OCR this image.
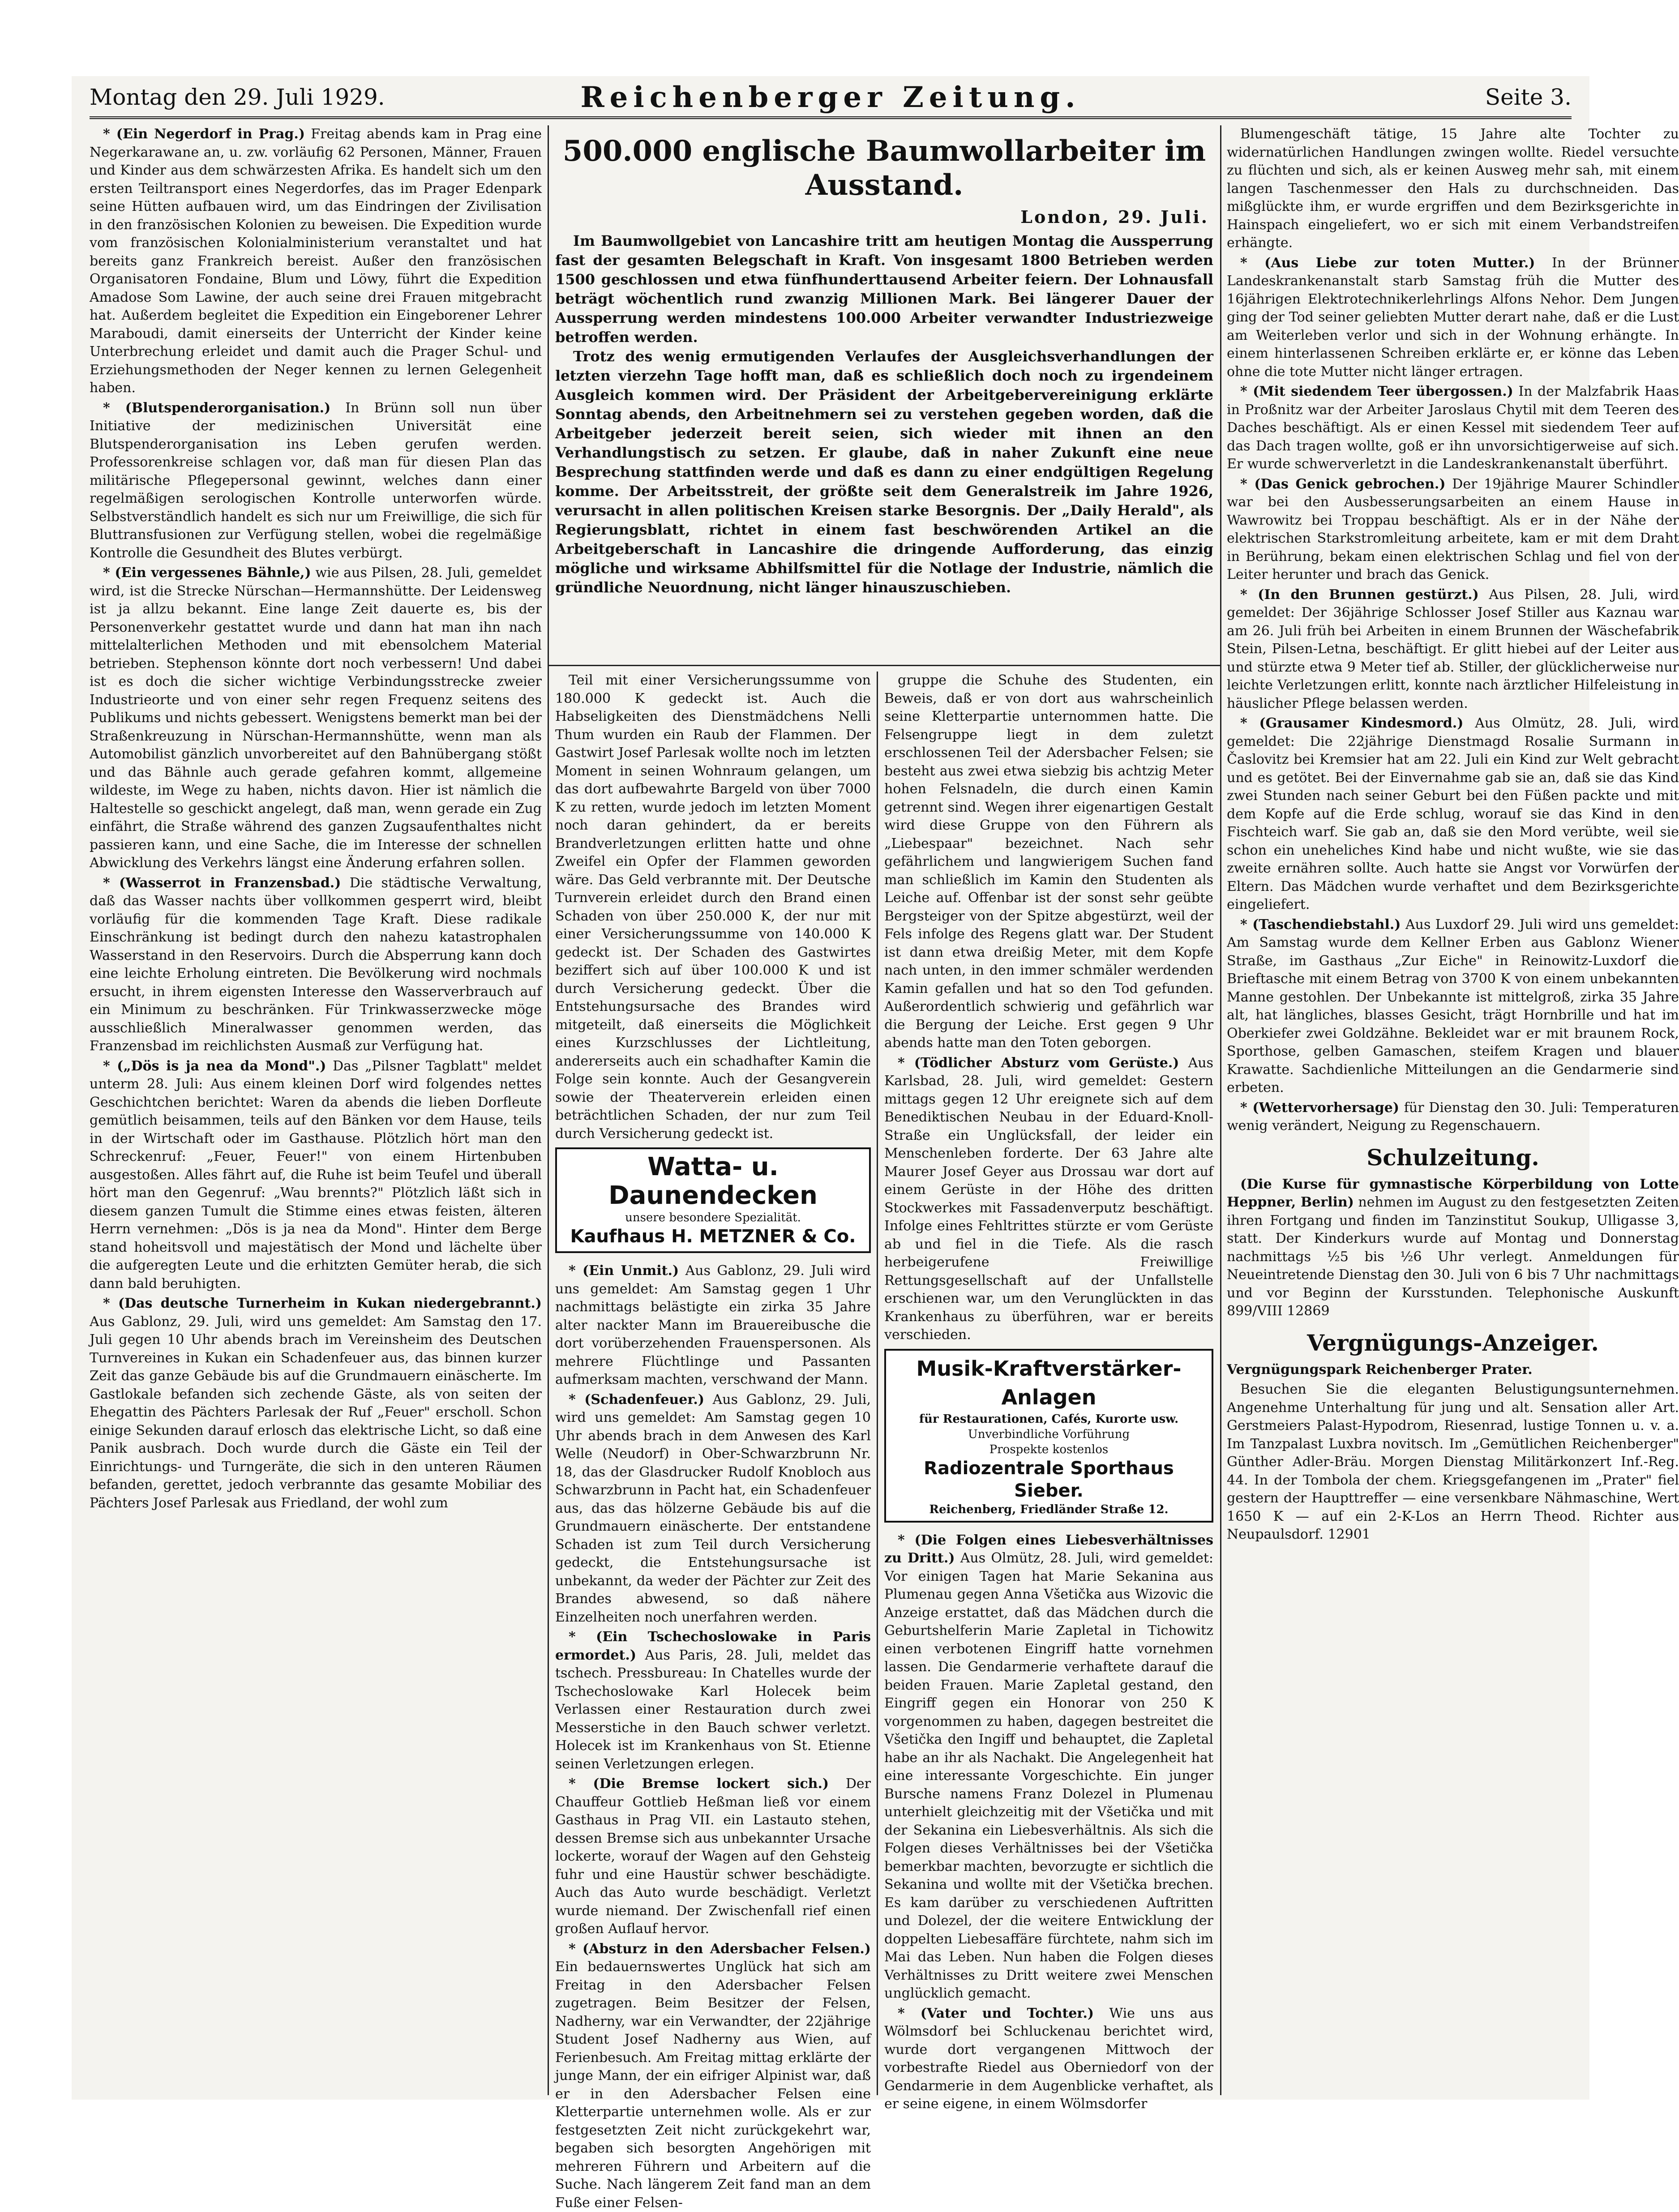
Montag den 29. Juli 1929.	Reichenberger Zeitung.	Seite 3.

* (Ein Negerdorf in Prag.) Freitag abends kam in Prag eine Negerkarawane an, u. zw. vorläufig 62 Personen, Männer, Frauen und Kinder aus dem schwärzesten Afrika. Es handelt sich um den ersten Teiltransport eines Negerdorfes, das im Prager Edenpark seine Hütten aufbauen wird, um das Eindringen der Zivilisation in den französischen Kolonien zu beweisen. Die Expedition wurde vom französischen Kolonialministerium veranstaltet und hat bereits ganz Frankreich bereist. Außer den französischen Organisatoren Fondaine, Blum und Löwy, führt die Expedition Amadose Som Lawine, der auch seine drei Frauen mitgebracht hat. Außerdem begleitet die Expedition ein Eingeborener Lehrer Maraboudi, damit einerseits der Unterricht der Kinder keine Unterbrechung erleidet und damit auch die Prager Schul- und Erziehungsmethoden der Neger kennen zu lernen Gelegenheit haben.

* (Blutspenderorganisation.) In Brünn soll nun über Initiative der medizinischen Universität eine Blutspenderorganisation ins Leben gerufen werden. Professorenkreise schlagen vor, daß man für diesen Plan das militärische Pflegepersonal gewinnt, welches dann einer regelmäßigen serologischen Kontrolle unterworfen würde. Selbstverständlich handelt es sich nur um Freiwillige, die sich für Bluttransfusionen zur Verfügung stellen, wobei die regelmäßige Kontrolle die Gesundheit des Blutes verbürgt.

* (Ein vergessenes Bähnle,) wie aus Pilsen, 28. Juli, gemeldet wird, ist die Strecke Nürschan—Hermannshütte. Der Leidensweg ist ja allzu bekannt. Eine lange Zeit dauerte es, bis der Personenverkehr gestattet wurde und dann hat man ihn nach mittelalterlichen Methoden und mit ebensolchem Material betrieben. Stephenson könnte dort noch verbessern! Und dabei ist es doch die sicher wichtige Verbindungsstrecke zweier Industrieorte und von einer sehr regen Frequenz seitens des Publikums und nichts gebessert. Wenigstens bemerkt man bei der Straßenkreuzung in Nürschan-Hermannshütte, wenn man als Automobilist gänzlich unvorbereitet auf den Bahnübergang stößt und das Bähnle auch gerade gefahren kommt, allgemeine wildeste, im Wege zu haben, nichts davon. Hier ist nämlich die Haltestelle so geschickt angelegt, daß man, wenn gerade ein Zug einfährt, die Straße während des ganzen Zugsaufenthaltes nicht passieren kann, und eine Sache, die im Interesse der schnellen Abwicklung des Verkehrs längst eine Änderung erfahren sollen.

* (Wasserrot in Franzensbad.) Die städtische Verwaltung, daß das Wasser nachts über vollkommen gesperrt wird, bleibt vorläufig für die kommenden Tage Kraft. Diese radikale Einschränkung ist bedingt durch den nahezu katastrophalen Wasserstand in den Reservoirs. Durch die Absperrung kann doch eine leichte Erholung eintreten. Die Bevölkerung wird nochmals ersucht, in ihrem eigensten Interesse den Wasserverbrauch auf ein Minimum zu beschränken. Für Trinkwasserzwecke möge ausschließlich Mineralwasser genommen werden, das Franzensbad im reichlichsten Ausmaß zur Verfügung hat.

* („Dös is ja nea da Mond".) Das „Pilsner Tagblatt" meldet unterm 28. Juli: Aus einem kleinen Dorf wird folgendes nettes Geschichtchen berichtet: Waren da abends die lieben Dorfleute gemütlich beisammen, teils auf den Bänken vor dem Hause, teils in der Wirtschaft oder im Gasthause. Plötzlich hört man den Schreckenruf: „Feuer, Feuer!" von einem Hirtenbuben ausgestoßen. Alles fährt auf, die Ruhe ist beim Teufel und überall hört man den Gegenruf: „Wau brennts?" Plötzlich läßt sich in diesem ganzen Tumult die Stimme eines etwas feisten, älteren Herrn vernehmen: „Dös is ja nea da Mond". Hinter dem Berge stand hoheitsvoll und majestätisch der Mond und lächelte über die aufgeregten Leute und die erhitzten Gemüter herab, die sich dann bald beruhigten.

* (Das deutsche Turnerheim in Kukan niedergebrannt.) Aus Gablonz, 29. Juli, wird uns gemeldet: Am Samstag den 17. Juli gegen 10 Uhr abends brach im Vereinsheim des Deutschen Turnvereines in Kukan ein Schadenfeuer aus, das binnen kurzer Zeit das ganze Gebäude bis auf die Grundmauern einäscherte. Im Gastlokale befanden sich zechende Gäste, als von seiten der Ehegattin des Pächters Parlesak der Ruf „Feuer" erscholl. Schon einige Sekunden darauf erlosch das elektrische Licht, so daß eine Panik ausbrach. Doch wurde durch die Gäste ein Teil der Einrichtungs- und Turngeräte, die sich in den unteren Räumen befanden, gerettet, jedoch verbrannte das gesamte Mobiliar des Pächters Josef Parlesak aus Friedland, der wohl zum

500.000 englische Baumwollarbeiter im Ausstand.
London, 29. Juli.

Im Baumwollgebiet von Lancashire tritt am heutigen Montag die Aussperrung fast der gesamten Belegschaft in Kraft. Von insgesamt 1800 Betrieben werden 1500 geschlossen und etwa fünfhunderttausend Arbeiter feiern. Der Lohnausfall beträgt wöchentlich rund zwanzig Millionen Mark. Bei längerer Dauer der Aussperrung werden mindestens 100.000 Arbeiter verwandter Industriezweige betroffen werden.

Trotz des wenig ermutigenden Verlaufes der Ausgleichsverhandlungen der letzten vierzehn Tage hofft man, daß es schließlich doch noch zu irgendeinem Ausgleich kommen wird. Der Präsident der Arbeitgebervereinigung erklärte Sonntag abends, den Arbeitnehmern sei zu verstehen gegeben worden, daß die Arbeitgeber jederzeit bereit seien, sich wieder mit ihnen an den Verhandlungstisch zu setzen. Er glaube, daß in naher Zukunft eine neue Besprechung stattfinden werde und daß es dann zu einer endgültigen Regelung komme. Der Arbeitsstreit, der größte seit dem Generalstreik im Jahre 1926, verursacht in allen politischen Kreisen starke Besorgnis. Der „Daily Herald", als Regierungsblatt, richtet in einem fast beschwörenden Artikel an die Arbeitgeberschaft in Lancashire die dringende Aufforderung, das einzig mögliche und wirksame Abhilfsmittel für die Notlage der Industrie, nämlich die gründliche Neuordnung, nicht länger hinauszuschieben.

Teil mit einer Versicherungssumme von 180.000 K gedeckt ist. Auch die Habseligkeiten des Dienstmädchens Nelli Thum wurden ein Raub der Flammen. Der Gastwirt Josef Parlesak wollte noch im letzten Moment in seinen Wohnraum gelangen, um das dort aufbewahrte Bargeld von über 7000 K zu retten, wurde jedoch im letzten Moment noch daran gehindert, da er bereits Brandverletzungen erlitten hatte und ohne Zweifel ein Opfer der Flammen geworden wäre. Das Geld verbrannte mit. Der Deutsche Turnverein erleidet durch den Brand einen Schaden von über 250.000 K, der nur mit einer Versicherungssumme von 140.000 K gedeckt ist. Der Schaden des Gastwirtes beziffert sich auf über 100.000 K und ist durch Versicherung gedeckt. Über die Entstehungsursache des Brandes wird mitgeteilt, daß einerseits die Möglichkeit eines Kurzschlusses der Lichtleitung, andererseits auch ein schadhafter Kamin die Folge sein konnte. Auch der Gesangverein sowie der Theaterverein erleiden einen beträchtlichen Schaden, der nur zum Teil durch Versicherung gedeckt ist.

Watta- u. Daunendecken
unsere besondere Spezialität.
Kaufhaus H. METZNER & Co.

* (Ein Unmit.) Aus Gablonz, 29. Juli wird uns gemeldet: Am Samstag gegen 1 Uhr nachmittags belästigte ein zirka 35 Jahre alter nackter Mann im Brauereibusche die dort vorüberzehenden Frauenspersonen. Als mehrere Flüchtlinge und Passanten aufmerksam machten, verschwand der Mann.

* (Schadenfeuer.) Aus Gablonz, 29. Juli, wird uns gemeldet: Am Samstag gegen 10 Uhr abends brach in dem Anwesen des Karl Welle (Neudorf) in Ober-Schwarzbrunn Nr. 18, das der Glasdrucker Rudolf Knobloch aus Schwarzbrunn in Pacht hat, ein Schadenfeuer aus, das das hölzerne Gebäude bis auf die Grundmauern einäscherte. Der entstandene Schaden ist zum Teil durch Versicherung gedeckt, die Entstehungsursache ist unbekannt, da weder der Pächter zur Zeit des Brandes abwesend, so daß nähere Einzelheiten noch unerfahren werden.

* (Ein Tschechoslowake in Paris ermordet.) Aus Paris, 28. Juli, meldet das tschech. Pressbureau: In Chatelles wurde der Tschechoslowake Karl Holecek beim Verlassen einer Restauration durch zwei Messerstiche in den Bauch schwer verletzt. Holecek ist im Krankenhaus von St. Etienne seinen Verletzungen erlegen.

* (Die Bremse lockert sich.) Der Chauffeur Gottlieb Heßman ließ vor einem Gasthaus in Prag VII. ein Lastauto stehen, dessen Bremse sich aus unbekannter Ursache lockerte, worauf der Wagen auf den Gehsteig fuhr und eine Haustür schwer beschädigte. Auch das Auto wurde beschädigt. Verletzt wurde niemand. Der Zwischenfall rief einen großen Auflauf hervor.

* (Absturz in den Adersbacher Felsen.) Ein bedauernswertes Unglück hat sich am Freitag in den Adersbacher Felsen zugetragen. Beim Besitzer der Felsen, Nadherny, war ein Verwandter, der 22jährige Student Josef Nadherny aus Wien, auf Ferienbesuch. Am Freitag mittag erklärte der junge Mann, der ein eifriger Alpinist war, daß er in den Adersbacher Felsen eine Kletterpartie unternehmen wolle. Als er zur festgesetzten Zeit nicht zurückgekehrt war, begaben sich besorgten Angehörigen mit mehreren Führern und Arbeitern auf die Suche. Nach längerem Zeit fand man an dem Fuße einer Felsen-

gruppe die Schuhe des Studenten, ein Beweis, daß er von dort aus wahrscheinlich seine Kletterpartie unternommen hatte. Die Felsengruppe liegt in dem zuletzt erschlossenen Teil der Adersbacher Felsen; sie besteht aus zwei etwa siebzig bis achtzig Meter hohen Felsnadeln, die durch einen Kamin getrennt sind. Wegen ihrer eigenartigen Gestalt wird diese Gruppe von den Führern als „Liebespaar" bezeichnet. Nach sehr gefährlichem und langwierigem Suchen fand man schließlich im Kamin den Studenten als Leiche auf. Offenbar ist der sonst sehr geübte Bergsteiger von der Spitze abgestürzt, weil der Fels infolge des Regens glatt war. Der Student ist dann etwa dreißig Meter, mit dem Kopfe nach unten, in den immer schmäler werdenden Kamin gefallen und hat so den Tod gefunden. Außerordentlich schwierig und gefährlich war die Bergung der Leiche. Erst gegen 9 Uhr abends hatte man den Toten geborgen.

* (Tödlicher Absturz vom Gerüste.) Aus Karlsbad, 28. Juli, wird gemeldet: Gestern mittags gegen 12 Uhr ereignete sich auf dem Benediktischen Neubau in der Eduard-Knoll-Straße ein Unglücksfall, der leider ein Menschenleben forderte. Der 63 Jahre alte Maurer Josef Geyer aus Drossau war dort auf einem Gerüste in der Höhe des dritten Stockwerkes mit Fassadenverputz beschäftigt. Infolge eines Fehltrittes stürzte er vom Gerüste ab und fiel in die Tiefe. Als die rasch herbeigerufene Freiwillige Rettungsgesellschaft auf der Unfallstelle erschienen war, um den Verunglückten in das Krankenhaus zu überführen, war er bereits verschieden.

Musik-Kraftverstärker-Anlagen
für Restaurationen, Cafés, Kurorte usw.
Unverbindliche Vorführung
Prospekte kostenlos
Radiozentrale Sporthaus Sieber.
Reichenberg, Friedländer Straße 12.

* (Die Folgen eines Liebesverhältnisses zu Dritt.) Aus Olmütz, 28. Juli, wird gemeldet: Vor einigen Tagen hat Marie Sekanina aus Plumenau gegen Anna Všetička aus Wizovic die Anzeige erstattet, daß das Mädchen durch die Geburtshelferin Marie Zapletal in Tichowitz einen verbotenen Eingriff hatte vornehmen lassen. Die Gendarmerie verhaftete darauf die beiden Frauen. Marie Zapletal gestand, den Eingriff gegen ein Honorar von 250 K vorgenommen zu haben, dagegen bestreitet die Všetička den Ingiff und behauptet, die Zapletal habe an ihr als Nachakt. Die Angelegenheit hat eine interessante Vorgeschichte. Ein junger Bursche namens Franz Dolezel in Plumenau unterhielt gleichzeitig mit der Všetička und mit der Sekanina ein Liebesverhältnis. Als sich die Folgen dieses Verhältnisses bei der Všetička bemerkbar machten, bevorzugte er sichtlich die Sekanina und wollte mit der Všetička brechen. Es kam darüber zu verschiedenen Auftritten und Dolezel, der die weitere Entwicklung der doppelten Liebesaffäre fürchtete, nahm sich im Mai das Leben. Nun haben die Folgen dieses Verhältnisses zu Dritt weitere zwei Menschen unglücklich gemacht.

* (Vater und Tochter.) Wie uns aus Wölmsdorf bei Schluckenau berichtet wird, wurde dort vergangenen Mittwoch der vorbestrafte Riedel aus Oberniedorf von der Gendarmerie in dem Augenblicke verhaftet, als er seine eigene, in einem Wölmsdorfer

Blumengeschäft tätige, 15 Jahre alte Tochter zu widernatürlichen Handlungen zwingen wollte. Riedel versuchte zu flüchten und sich, als er keinen Ausweg mehr sah, mit einem langen Taschenmesser den Hals zu durchschneiden. Das mißglückte ihm, er wurde ergriffen und dem Bezirksgerichte in Hainspach eingeliefert, wo er sich mit einem Verbandstreifen erhängte.

* (Aus Liebe zur toten Mutter.) In der Brünner Landeskrankenanstalt starb Samstag früh die Mutter des 16jährigen Elektrotechnikerlehrlings Alfons Nehor. Dem Jungen ging der Tod seiner geliebten Mutter derart nahe, daß er die Lust am Weiterleben verlor und sich in der Wohnung erhängte. In einem hinterlassenen Schreiben erklärte er, er könne das Leben ohne die tote Mutter nicht länger ertragen.

* (Mit siedendem Teer übergossen.) In der Malzfabrik Haas in Proßnitz war der Arbeiter Jaroslaus Chytil mit dem Teeren des Daches beschäftigt. Als er einen Kessel mit siedendem Teer auf das Dach tragen wollte, goß er ihn unvorsichtigerweise auf sich. Er wurde schwerverletzt in die Landeskrankenanstalt überführt.

* (Das Genick gebrochen.) Der 19jährige Maurer Schindler war bei den Ausbesserungsarbeiten an einem Hause in Wawrowitz bei Troppau beschäftigt. Als er in der Nähe der elektrischen Starkstromleitung arbeitete, kam er mit dem Draht in Berührung, bekam einen elektrischen Schlag und fiel von der Leiter herunter und brach das Genick.

* (In den Brunnen gestürzt.) Aus Pilsen, 28. Juli, wird gemeldet: Der 36jährige Schlosser Josef Stiller aus Kaznau war am 26. Juli früh bei Arbeiten in einem Brunnen der Wäschefabrik Stein, Pilsen-Letna, beschäftigt. Er glitt hiebei auf der Leiter aus und stürzte etwa 9 Meter tief ab. Stiller, der glücklicherweise nur leichte Verletzungen erlitt, konnte nach ärztlicher Hilfeleistung in häuslicher Pflege belassen werden.

* (Grausamer Kindesmord.) Aus Olmütz, 28. Juli, wird gemeldet: Die 22jährige Dienstmagd Rosalie Surmann in Časlovitz bei Kremsier hat am 22. Juli ein Kind zur Welt gebracht und es getötet. Bei der Einvernahme gab sie an, daß sie das Kind zwei Stunden nach seiner Geburt bei den Füßen packte und mit dem Kopfe auf die Erde schlug, worauf sie das Kind in den Fischteich warf. Sie gab an, daß sie den Mord verübte, weil sie schon ein uneheliches Kind habe und nicht wußte, wie sie das zweite ernähren sollte. Auch hatte sie Angst vor Vorwürfen der Eltern. Das Mädchen wurde verhaftet und dem Bezirksgerichte eingeliefert.

* (Taschendiebstahl.) Aus Luxdorf 29. Juli wird uns gemeldet: Am Samstag wurde dem Kellner Erben aus Gablonz Wiener Straße, im Gasthaus „Zur Eiche" in Reinowitz-Luxdorf die Brieftasche mit einem Betrag von 3700 K von einem unbekannten Manne gestohlen. Der Unbekannte ist mittelgroß, zirka 35 Jahre alt, hat längliches, blasses Gesicht, trägt Hornbrille und hat im Oberkiefer zwei Goldzähne. Bekleidet war er mit braunem Rock, Sporthose, gelben Gamaschen, steifem Kragen und blauer Krawatte. Sachdienliche Mitteilungen an die Gendarmerie sind erbeten.

* (Wettervorhersage) für Dienstag den 30. Juli: Temperaturen wenig verändert, Neigung zu Regenschauern.

Schulzeitung.

(Die Kurse für gymnastische Körperbildung von Lotte Heppner, Berlin) nehmen im August zu den festgesetzten Zeiten ihren Fortgang und finden im Tanzinstitut Soukup, Ulligasse 3, statt. Der Kinderkurs wurde auf Montag und Donnerstag nachmittags ½5 bis ½6 Uhr verlegt. Anmeldungen für Neueintretende Dienstag den 30. Juli von 6 bis 7 Uhr nachmittags und vor Beginn der Kursstunden. Telephonische Auskunft 899/VIII 12869

Vergnügungs-Anzeiger.

Vergnügungspark Reichenberger Prater.

Besuchen Sie die eleganten Belustigungsunternehmen. Angenehme Unterhaltung für jung und alt. Sensation aller Art. Gerstmeiers Palast-Hypodrom, Riesenrad, lustige Tonnen u. v. a. Im Tanzpalast Luxbra novitsch. Im „Gemütlichen Reichenberger" Günther Adler-Bräu. Morgen Dienstag Militärkonzert Inf.-Reg. 44. In der Tombola der chem. Kriegsgefangenen im „Prater" fiel gestern der Haupttreffer — eine versenkbare Nähmaschine, Wert 1650 K — auf ein 2-K-Los an Herrn Theod. Richter aus Neupaulsdorf. 12901
